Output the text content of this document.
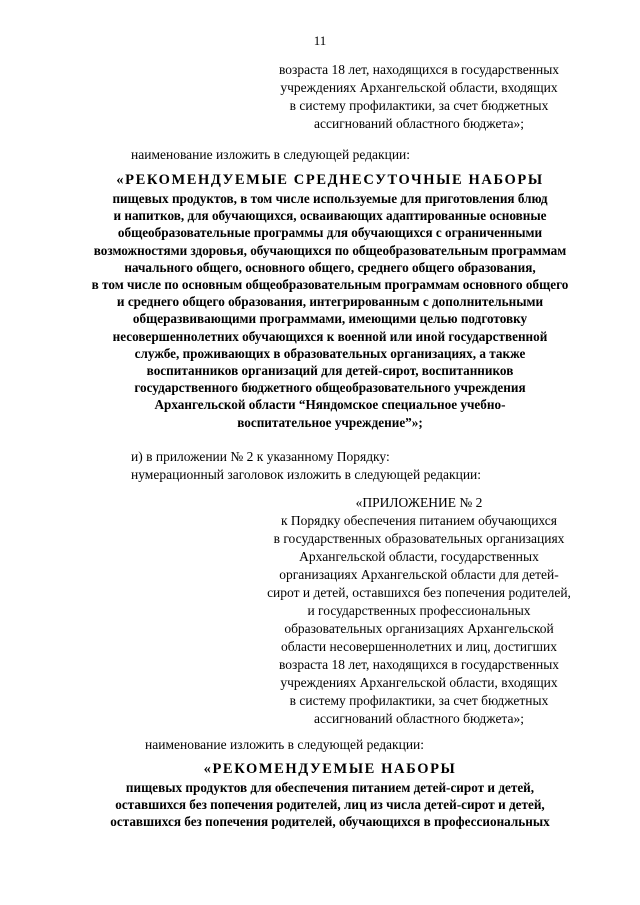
11
возраста 18 лет, находящихся в государственных
учреждениях Архангельской области, входящих
в систему профилактики, за счет бюджетных
ассигнований областного бюджета»;
наименование изложить в следующей редакции:
«РЕКОМЕНДУЕМЫЕ СРЕДНЕСУТОЧНЫЕ НАБОРЫ
пищевых продуктов, в том числе используемые для приготовления блюд
и напитков, для обучающихся, осваивающих адаптированные основные
общеобразовательные программы для обучающихся с ограниченными
возможностями здоровья, обучающихся по общеобразовательным программам
начального общего, основного общего, среднего общего образования,
в том числе по основным общеобразовательным программам основного общего
и среднего общего образования, интегрированным с дополнительными
общеразвивающими программами, имеющими целью подготовку
несовершеннолетних обучающихся к военной или иной государственной
службе, проживающих в образовательных организациях, а также
воспитанников организаций для детей-сирот, воспитанников
государственного бюджетного общеобразовательного учреждения
Архангельской области “Няндомское специальное учебно-
воспитательное учреждение”»;
и) в приложении № 2 к указанному Порядку:
нумерационный заголовок изложить в следующей редакции:
«ПРИЛОЖЕНИЕ № 2
к Порядку обеспечения питанием обучающихся
в государственных образовательных организациях
Архангельской области, государственных
организациях Архангельской области для детей-
сирот и детей, оставшихся без попечения родителей,
и государственных профессиональных
образовательных организациях Архангельской
области несовершеннолетних и лиц, достигших
возраста 18 лет, находящихся в государственных
учреждениях Архангельской области, входящих
в систему профилактики, за счет бюджетных
ассигнований областного бюджета»;
наименование изложить в следующей редакции:
«РЕКОМЕНДУЕМЫЕ НАБОРЫ
пищевых продуктов для обеспечения питанием детей-сирот и детей,
оставшихся без попечения родителей, лиц из числа детей-сирот и детей,
оставшихся без попечения родителей, обучающихся в профессиональных
